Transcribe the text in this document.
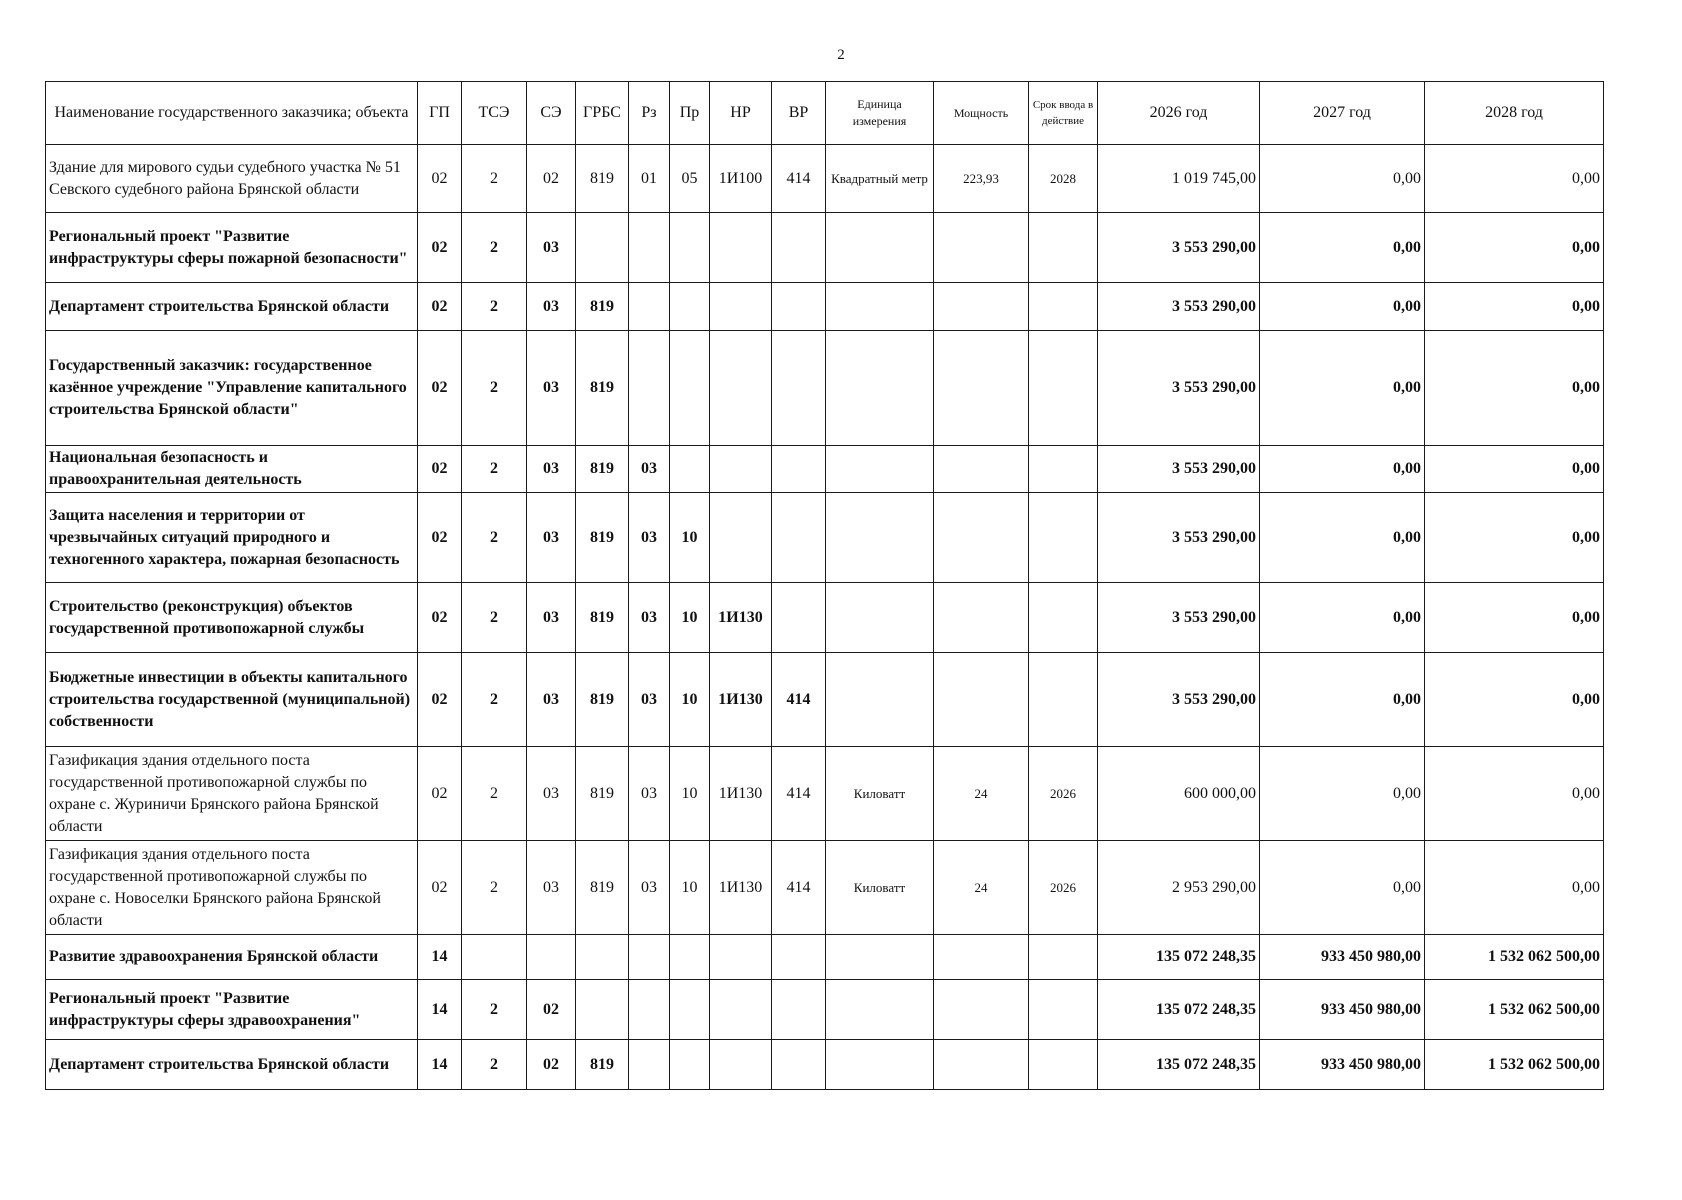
2
Наименование государственного заказчика; объекта	ГП	ТСЭ	СЭ	ГРБС	Рз	Пр	НР	ВР	Единица измерения	Мощность	Срок ввода в действие	2026 год	2027 год	2028 год
Здание для мирового судьи судебного участка № 51 Севского судебного района Брянской области	02	2	02	819	01	05	1И100	414	Квадратный метр	223,93	2028	1 019 745,00	0,00	0,00
Региональный проект "Развитие инфраструктуры сферы пожарной безопасности"	02	2	03									3 553 290,00	0,00	0,00
Департамент строительства Брянской области	02	2	03	819								3 553 290,00	0,00	0,00
Государственный заказчик: государственное казённое учреждение "Управление капитального строительства Брянской области"	02	2	03	819								3 553 290,00	0,00	0,00
Национальная безопасность и правоохранительная деятельность	02	2	03	819	03							3 553 290,00	0,00	0,00
Защита населения и территории от чрезвычайных ситуаций природного и техногенного характера, пожарная безопасность	02	2	03	819	03	10						3 553 290,00	0,00	0,00
Строительство (реконструкция) объектов государственной противопожарной службы	02	2	03	819	03	10	1И130					3 553 290,00	0,00	0,00
Бюджетные инвестиции в объекты капитального строительства государственной (муниципальной) собственности	02	2	03	819	03	10	1И130	414				3 553 290,00	0,00	0,00
Газификация здания отдельного поста государственной противопожарной службы по охране с. Журиничи Брянского района Брянской области	02	2	03	819	03	10	1И130	414	Киловатт	24	2026	600 000,00	0,00	0,00
Газификация здания отдельного поста государственной противопожарной службы по охране с. Новоселки Брянского района Брянской области	02	2	03	819	03	10	1И130	414	Киловатт	24	2026	2 953 290,00	0,00	0,00
Развитие здравоохранения Брянской области	14											135 072 248,35	933 450 980,00	1 532 062 500,00
Региональный проект "Развитие инфраструктуры сферы здравоохранения"	14	2	02									135 072 248,35	933 450 980,00	1 532 062 500,00
Департамент строительства Брянской области	14	2	02	819								135 072 248,35	933 450 980,00	1 532 062 500,00
